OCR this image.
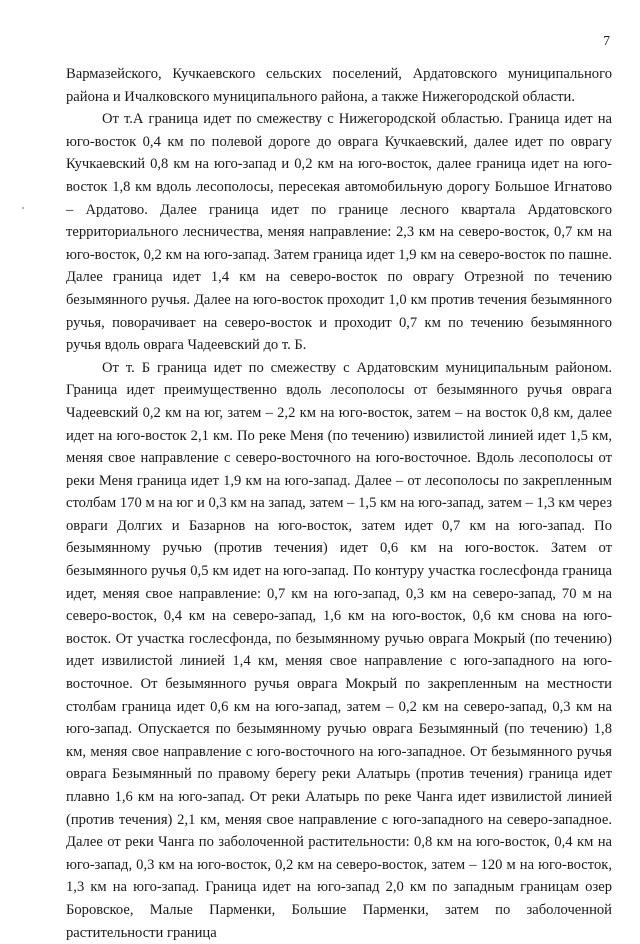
7

Вармазейского, Кучкаевского сельских поселений, Ардатовского муниципального района и Ичалковского муниципального района, а также Нижегородской области.

От т.А граница идет по смежеству с Нижегородской областью. Граница идет на юго-восток 0,4 км по полевой дороге до оврага Кучкаевский, далее идет по оврагу Кучкаевский 0,8 км на юго-запад и 0,2 км на юго-восток, далее граница идет на юго-восток 1,8 км вдоль лесополосы, пересекая автомобильную дорогу Большое Игнатово – Ардатово. Далее граница идет по границе лесного квартала Ардатовского территориального лесничества, меняя направление: 2,3 км на северо-восток, 0,7 км на юго-восток, 0,2 км на юго-запад. Затем граница идет 1,9 км на северо-восток по пашне. Далее граница идет 1,4 км на северо-восток по оврагу Отрезной по течению безымянного ручья. Далее на юго-восток проходит 1,0 км против течения безымянного ручья, поворачивает на северо-восток и проходит 0,7 км по течению безымянного ручья вдоль оврага Чадеевский до т. Б.

От т. Б граница идет по смежеству с Ардатовским муниципальным районом. Граница идет преимущественно вдоль лесополосы от безымянного ручья оврага Чадеевский 0,2 км на юг, затем – 2,2 км на юго-восток, затем – на восток 0,8 км, далее идет на юго-восток 2,1 км. По реке Меня (по течению) извилистой линией идет 1,5 км, меняя свое направление с северо-восточного на юго-восточное. Вдоль лесополосы от реки Меня граница идет 1,9 км на юго-запад. Далее – от лесополосы по закрепленным столбам 170 м на юг и 0,3 км на запад, затем – 1,5 км на юго-запад, затем – 1,3 км через овраги Долгих и Базарнов на юго-восток, затем идет 0,7 км на юго-запад. По безымянному ручью (против течения) идет 0,6 км на юго-восток. Затем от безымянного ручья 0,5 км идет на юго-запад. По контуру участка гослесфонда граница идет, меняя свое направление: 0,7 км на юго-запад, 0,3 км на северо-запад, 70 м на северо-восток, 0,4 км на северо-запад, 1,6 км на юго-восток, 0,6 км снова на юго-восток. От участка гослесфонда, по безымянному ручью оврага Мокрый (по течению) идет извилистой линией 1,4 км, меняя свое направление с юго-западного на юго-восточное. От безымянного ручья оврага Мокрый по закрепленным на местности столбам граница идет 0,6 км на юго-запад, затем – 0,2 км на северо-запад, 0,3 км на юго-запад. Опускается по безымянному ручью оврага Безымянный (по течению) 1,8 км, меняя свое направление с юго-восточного на юго-западное. От безымянного ручья оврага Безымянный по правому берегу реки Алатырь (против течения) граница идет плавно 1,6 км на юго-запад. От реки Алатырь по реке Чанга идет извилистой линией (против течения) 2,1 км, меняя свое направление с юго-западного на северо-западное. Далее от реки Чанга по заболоченной растительности: 0,8 км на юго-восток, 0,4 км на юго-запад, 0,3 км на юго-восток, 0,2 км на северо-восток, затем – 120 м на юго-восток, 1,3 км на юго-запад. Граница идет на юго-запад 2,0 км по западным границам озер Боровское, Малые Парменки, Большие Парменки, затем по заболоченной растительности граница
